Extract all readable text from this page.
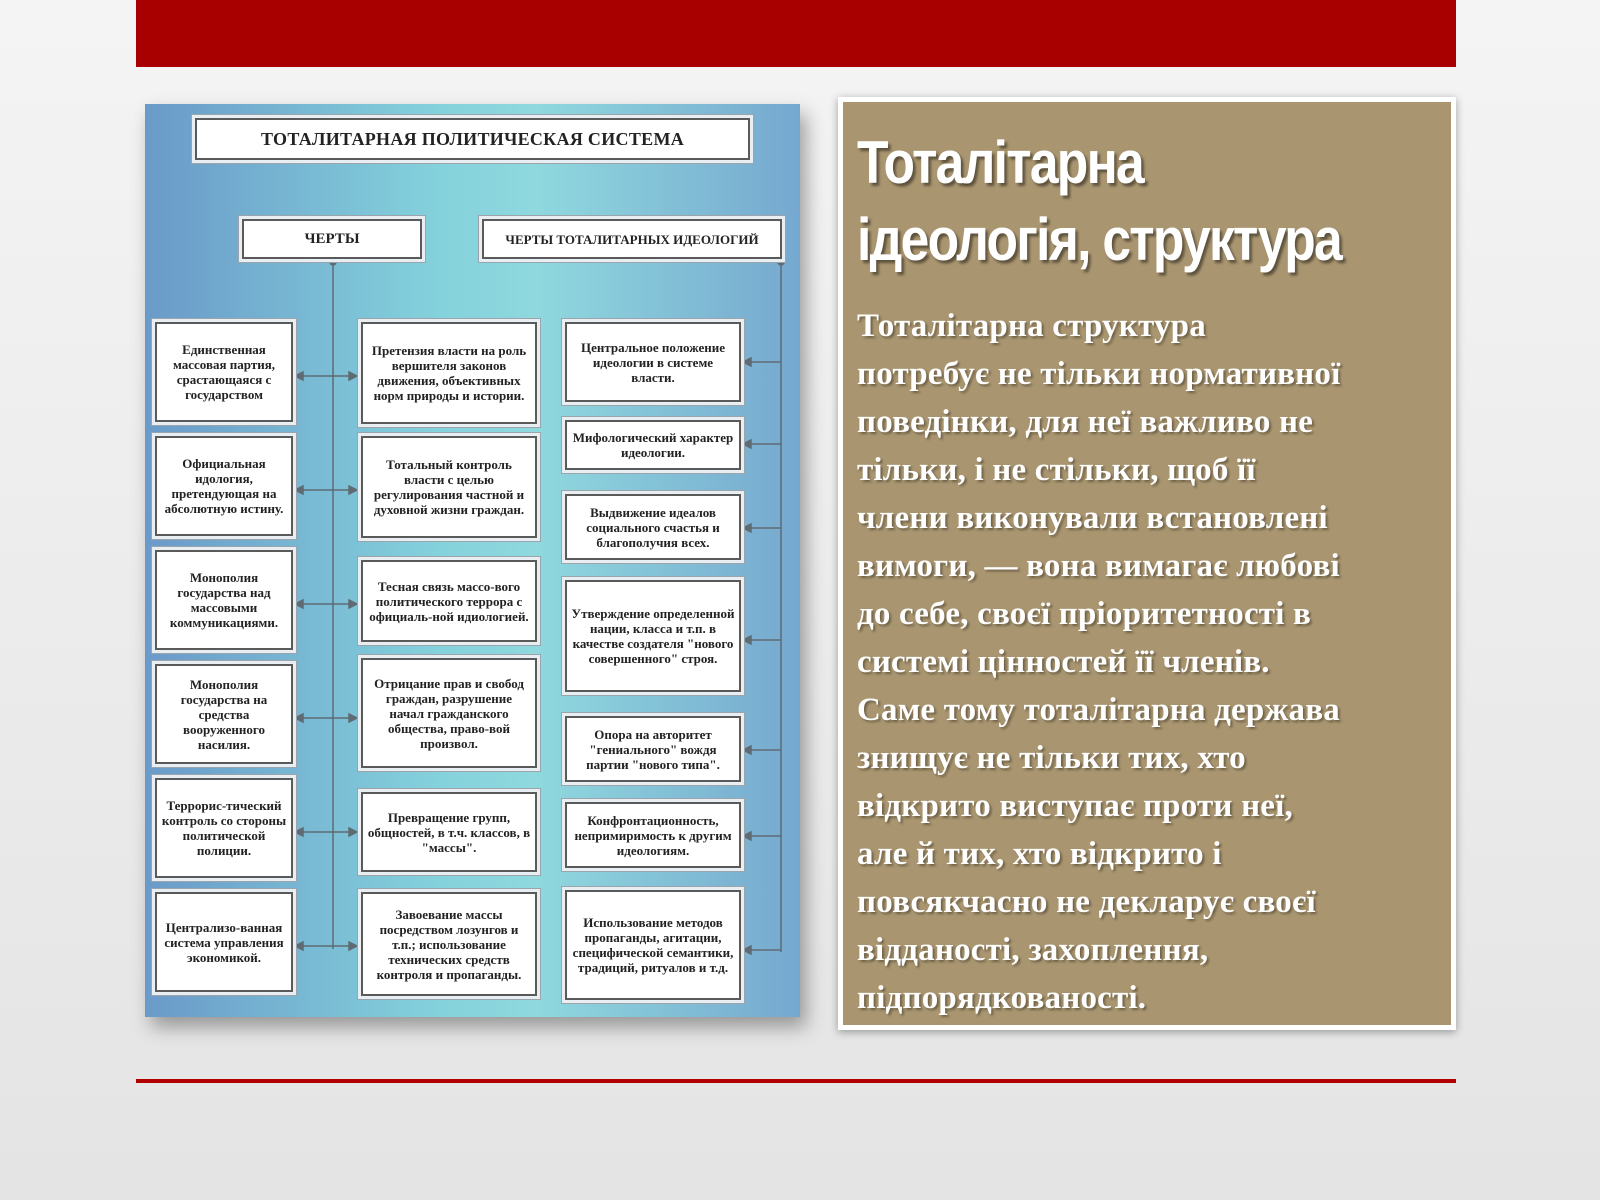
ТОТАЛИТАРНАЯ ПОЛИТИЧЕСКАЯ СИСТЕМА
ЧЕРТЫ	ЧЕРТЫ ТОТАЛИТАРНЫХ ИДЕОЛОГИЙ
Единственная массовая партия, срастающаяся с государством
Официальная идология, претендующая на абсолютную истину.
Монополия государства над массовыми коммуникациями.
Монополия государства на средства вооруженного насилия.
Террорис-тический контроль со стороны политической полиции.
Централизо-ванная система управления экономикой.
Претензия власти на роль вершителя законов движения, объективных норм природы и истории.
Тотальный контроль власти с целью регулирования частной и духовной жизни граждан.
Тесная связь массо-вого политического террора с официаль-ной идиологией.
Отрицание прав и свобод граждан, разрушение начал гражданского общества, право-вой произвол.
Превращение групп, общностей, в т.ч. классов, в "массы".
Завоевание массы посредством лозунгов и т.п.; использование технических средств контроля и пропаганды.
Центральное положение идеологии в системе власти.
Мифологический характер идеологии.
Выдвижение идеалов социального счастья и благополучия всех.
Утверждение определенной нации, класса и т.п. в качестве создателя "нового совершенного" строя.
Опора на авторитет "гениального" вождя партии "нового типа".
Конфронтационность, непримиримость к другим идеологиям.
Использование методов пропаганды, агитации, специфической семантики, традиций, ритуалов и т.д.
Тоталітарна ідеологія, структура

Тоталітарна структура
потребує не тільки нормативної
поведінки, для неї важливо не
тільки, і не стільки, щоб її
члени виконували встановлені
вимоги, — вона вимагає любові
до себе, своєї пріоритетності в
системі цінностей її членів.
Саме тому тоталітарна держава
знищує не тільки тих, хто
відкрито виступає проти неї,
але й тих, хто відкрито і
повсякчасно не декларує своєї
відданості, захоплення,
підпорядкованості.
